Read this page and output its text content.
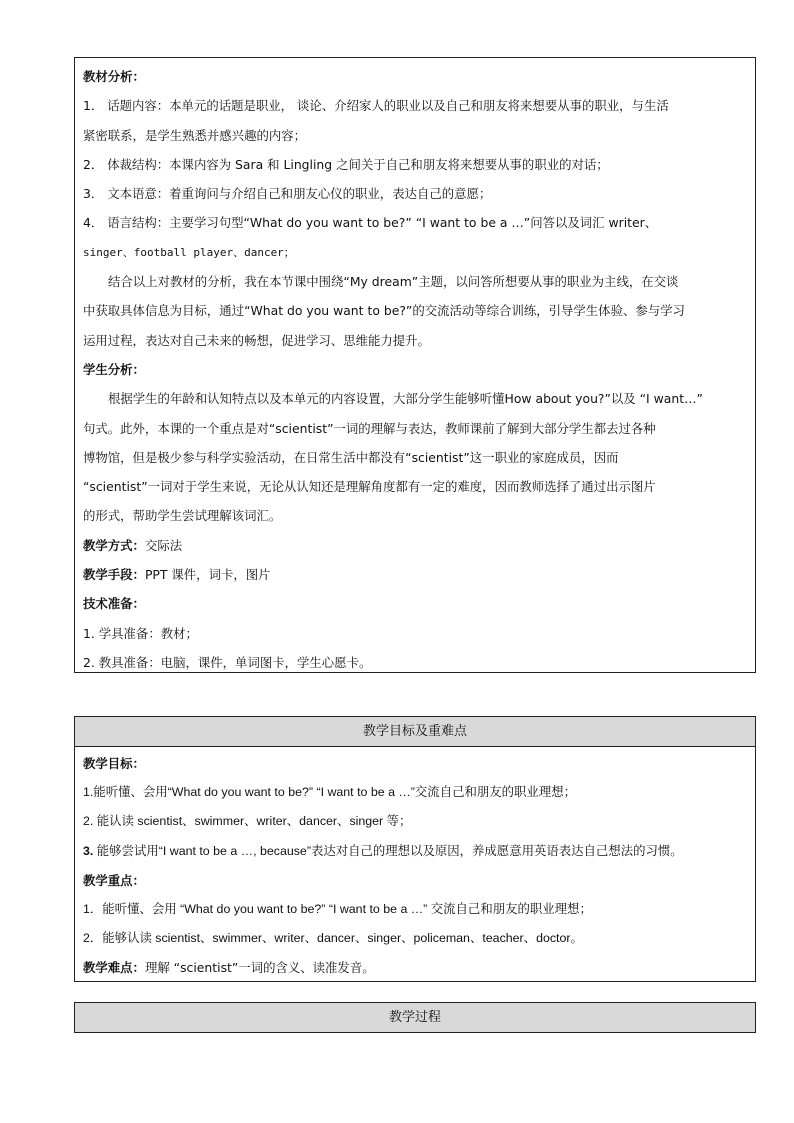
教材分析：

1． 话题内容：本单元的话题是职业， 谈论、介绍家人的职业以及自己和朋友将来想要从事的职业，与生活

紧密联系，是学生熟悉并感兴趣的内容；

2． 体裁结构：本课内容为 Sara 和 Lingling 之间关于自己和朋友将来想要从事的职业的对话；

3． 文本语意：着重询问与介绍自己和朋友心仪的职业，表达自己的意愿；

4． 语言结构：主要学习句型“What do you want to be?” “I want to be a …”问答以及词汇 writer、

singer、football player、dancer；

结合以上对教材的分析，我在本节课中围绕“My dream”主题，以问答所想要从事的职业为主线，在交谈

中获取具体信息为目标，通过“What do you want to be?”的交流活动等综合训练，引导学生体验、参与学习

运用过程，表达对自己未来的畅想，促进学习、思维能力提升。

学生分析：

根据学生的年龄和认知特点以及本单元的内容设置，大部分学生能够听懂How about you?”以及 “I want…”

句式。此外，本课的一个重点是对“scientist”一词的理解与表达，教师课前了解到大部分学生都去过各种

博物馆，但是极少参与科学实验活动，在日常生活中都没有“scientist”这一职业的家庭成员，因而

“scientist”一词对于学生来说，无论从认知还是理解角度都有一定的难度，因而教师选择了通过出示图片

的形式，帮助学生尝试理解该词汇。

教学方式：交际法

教学手段：PPT 课件，词卡，图片

技术准备：

1. 学具准备：教材；

2. 教具准备：电脑，课件，单词图卡，学生心愿卡。

教学目标及重难点

教学目标：

1.能听懂、会用“What do you want to be?” “I want to be a …”交流自己和朋友的职业理想；

2. 能认读 scientist、swimmer、writer、dancer、singer 等；

3. 能够尝试用“I want to be a …, because”表达对自己的理想以及原因，养成愿意用英语表达自己想法的习惯。

教学重点：

1．能听懂、会用 “What do you want to be?” “I want to be a …” 交流自己和朋友的职业理想；

2．能够认读 scientist、swimmer、writer、dancer、singer、policeman、teacher、doctor。

教学难点：理解 “scientist”一词的含义、读准发音。

教学过程
